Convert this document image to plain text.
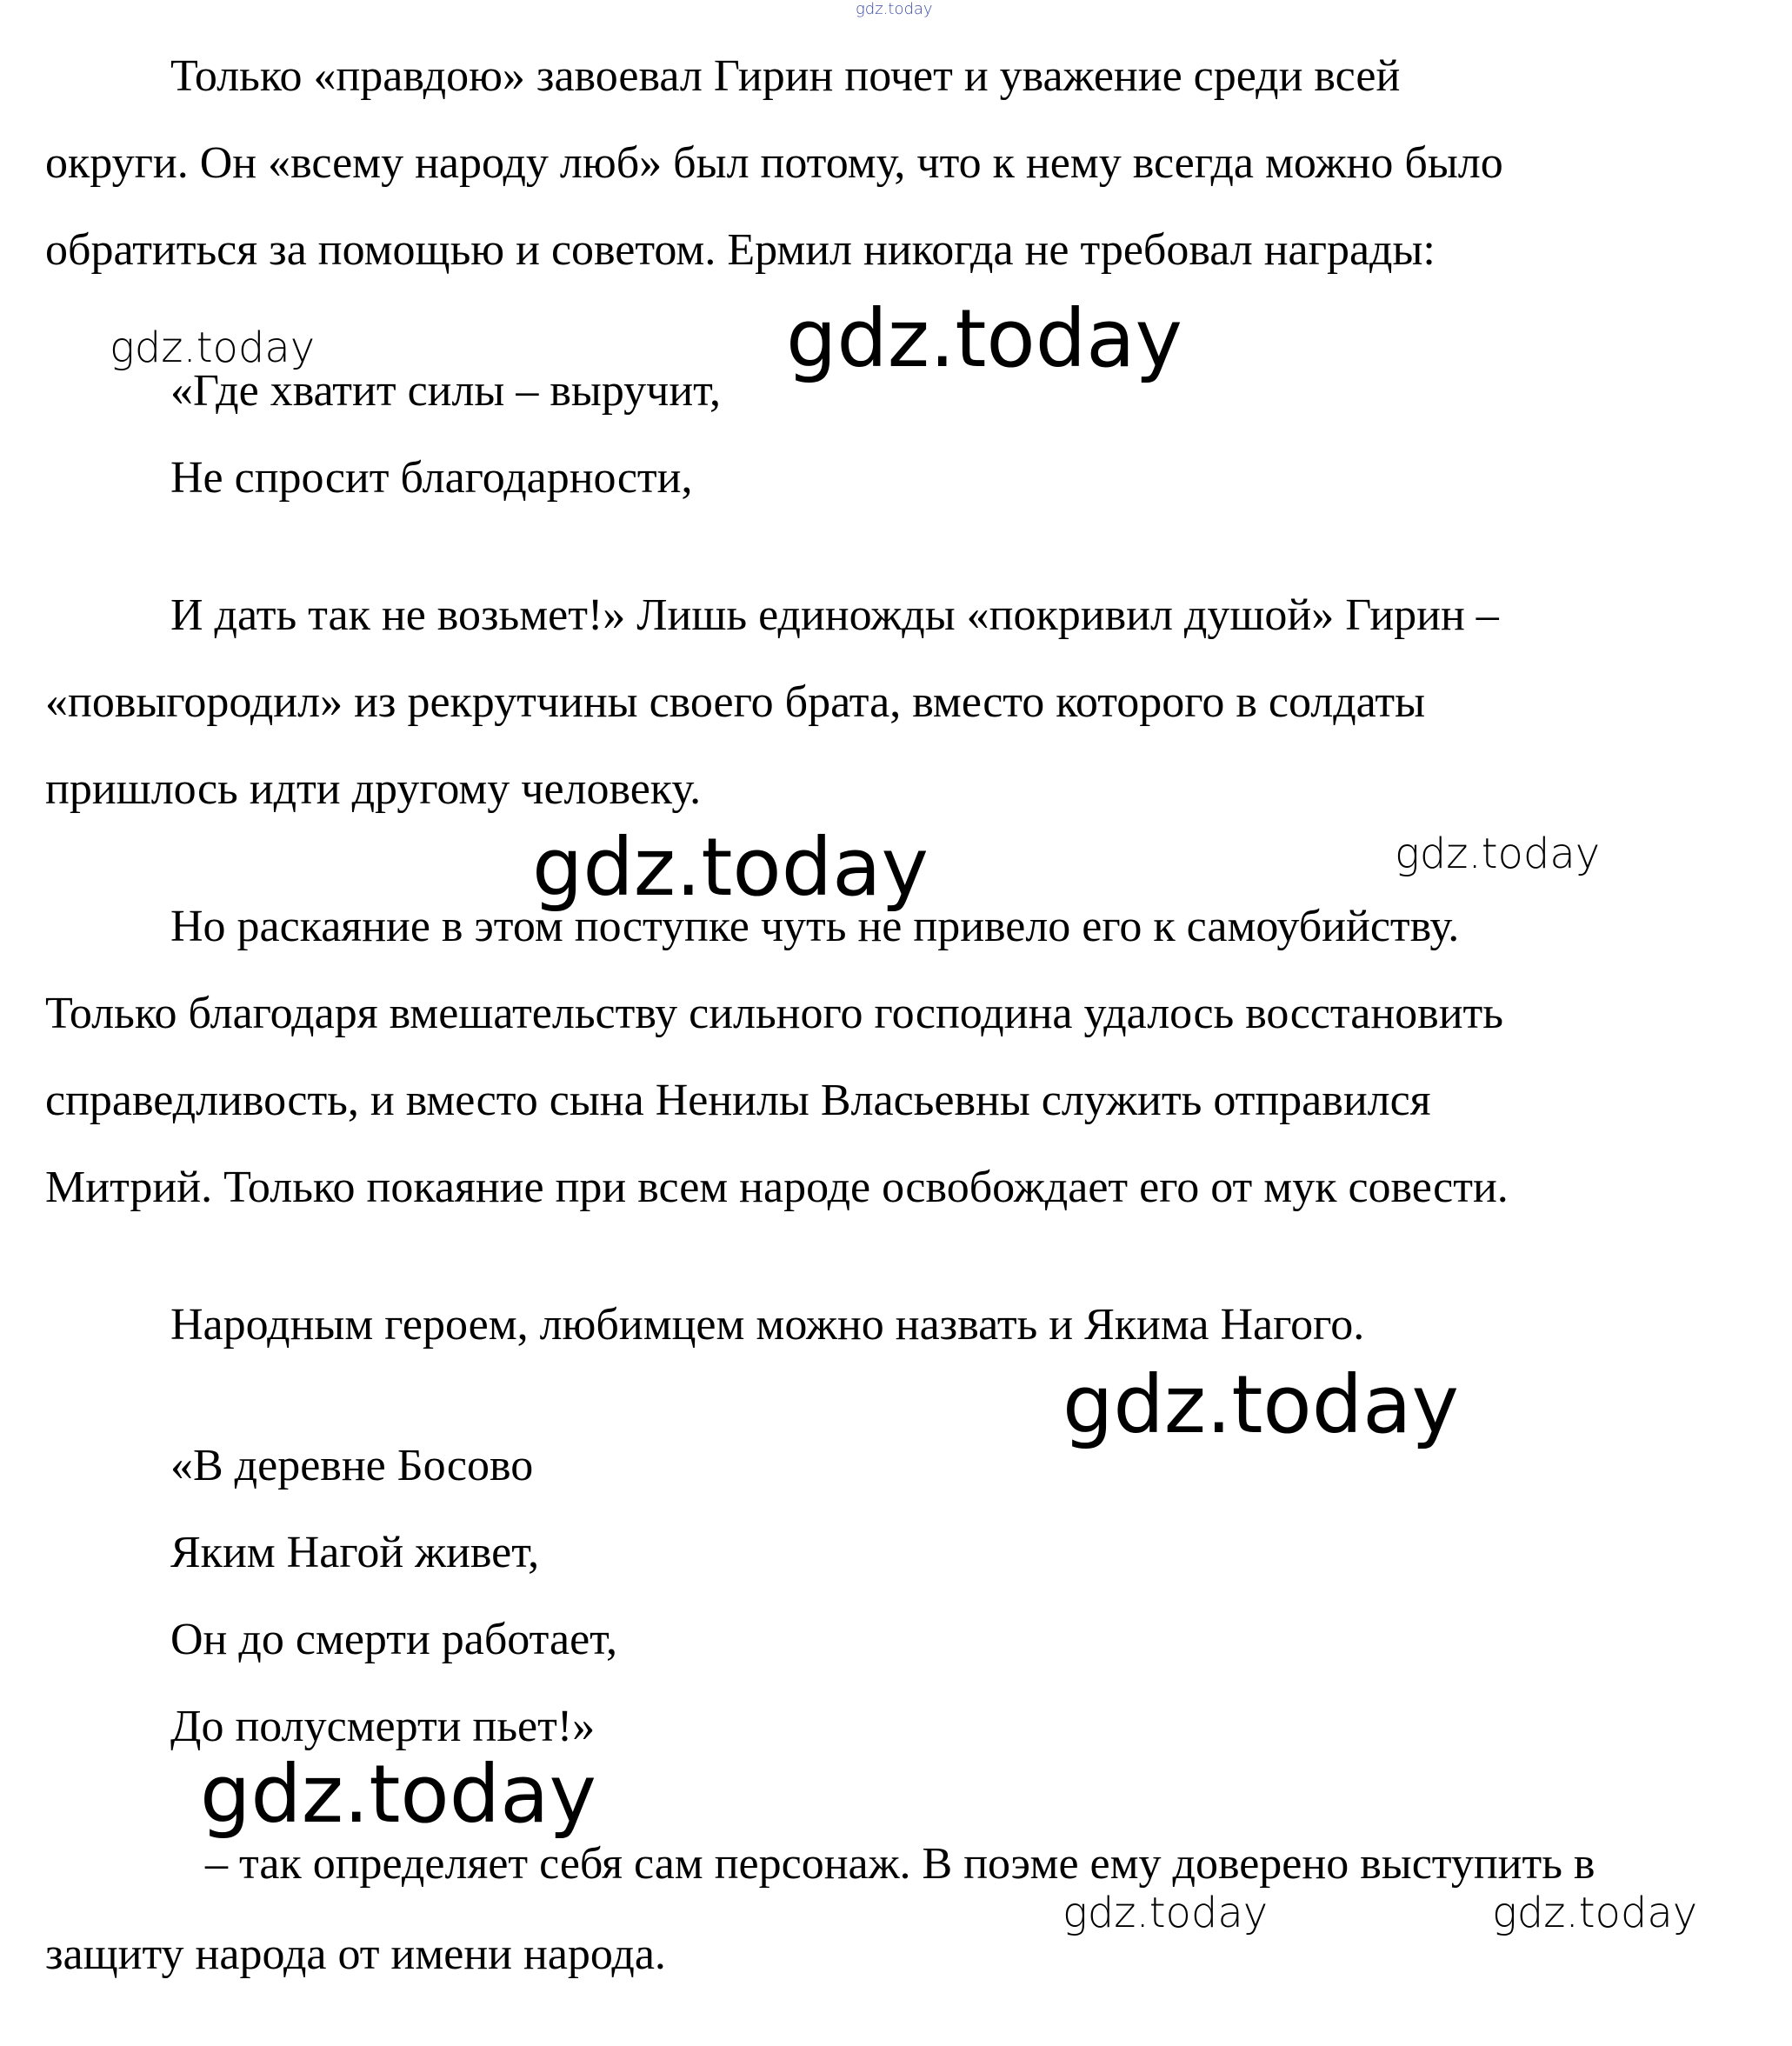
gdz.today
Только «правдою» завоевал Гирин почет и уважение среди всей
округи. Он «всему народу люб» был потому, что к нему всегда можно было
обратиться за помощью и советом. Ермил никогда не требовал награды:
gdz.today	gdz.today
«Где хватит силы – выручит,
Не спросит благодарности,
И дать так не возьмет!» Лишь единожды «покривил душой» Гирин –
«повыгородил» из рекрутчины своего брата, вместо которого в солдаты
пришлось идти другому человеку.
gdz.today	gdz.today
Но раскаяние в этом поступке чуть не привело его к самоубийству.
Только благодаря вмешательству сильного господина удалось восстановить
справедливость, и вместо сына Ненилы Власьевны служить отправился
Митрий. Только покаяние при всем народе освобождает его от мук совести.
Народным героем, любимцем можно назвать и Якима Нагого.
gdz.today
«В деревне Босово
Яким Нагой живет,
Он до смерти работает,
До полусмерти пьет!»
gdz.today
– так определяет себя сам персонаж. В поэме ему доверено выступить в
gdz.today	gdz.today
защиту народа от имени народа.
